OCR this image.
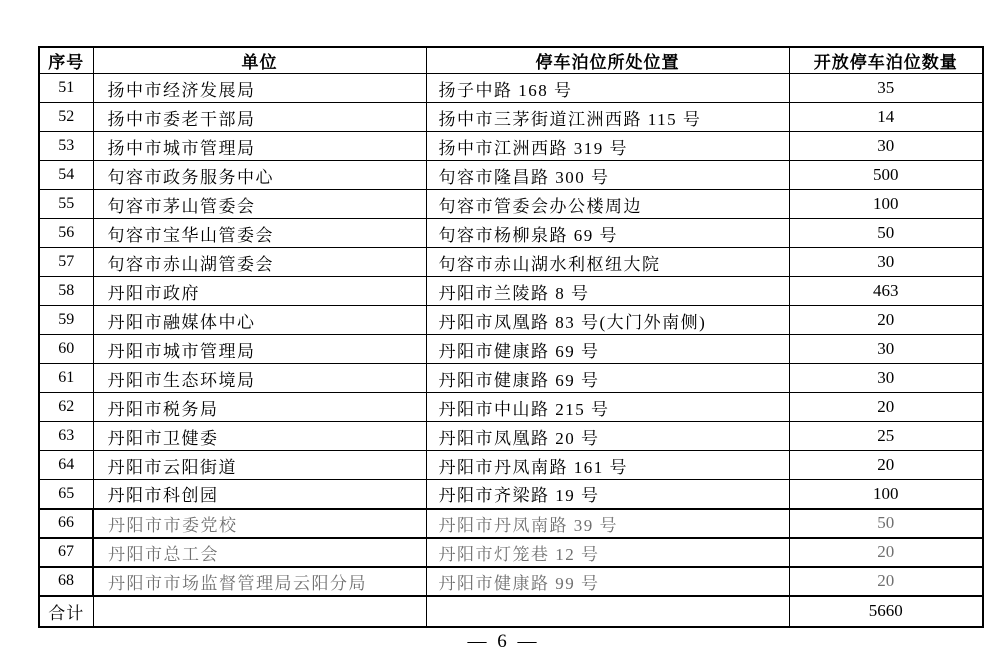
序号	单位	停车泊位所处位置	开放停车泊位数量
51	扬中市经济发展局	扬子中路 168 号	35
52	扬中市委老干部局	扬中市三茅街道江洲西路 115 号	14
53	扬中市城市管理局	扬中市江洲西路 319 号	30
54	句容市政务服务中心	句容市隆昌路 300 号	500
55	句容市茅山管委会	句容市管委会办公楼周边	100
56	句容市宝华山管委会	句容市杨柳泉路 69 号	50
57	句容市赤山湖管委会	句容市赤山湖水利枢纽大院	30
58	丹阳市政府	丹阳市兰陵路 8 号	463
59	丹阳市融媒体中心	丹阳市凤凰路 83 号(大门外南侧)	20
60	丹阳市城市管理局	丹阳市健康路 69 号	30
61	丹阳市生态环境局	丹阳市健康路 69 号	30
62	丹阳市税务局	丹阳市中山路 215 号	20
63	丹阳市卫健委	丹阳市凤凰路 20 号	25
64	丹阳市云阳街道	丹阳市丹凤南路 161 号	20
65	丹阳市科创园	丹阳市齐梁路 19 号	100
66	丹阳市市委党校	丹阳市丹凤南路 39 号	50
67	丹阳市总工会	丹阳市灯笼巷 12 号	20
68	丹阳市市场监督管理局云阳分局	丹阳市健康路 99 号	20
合计			5660
— 6 —
